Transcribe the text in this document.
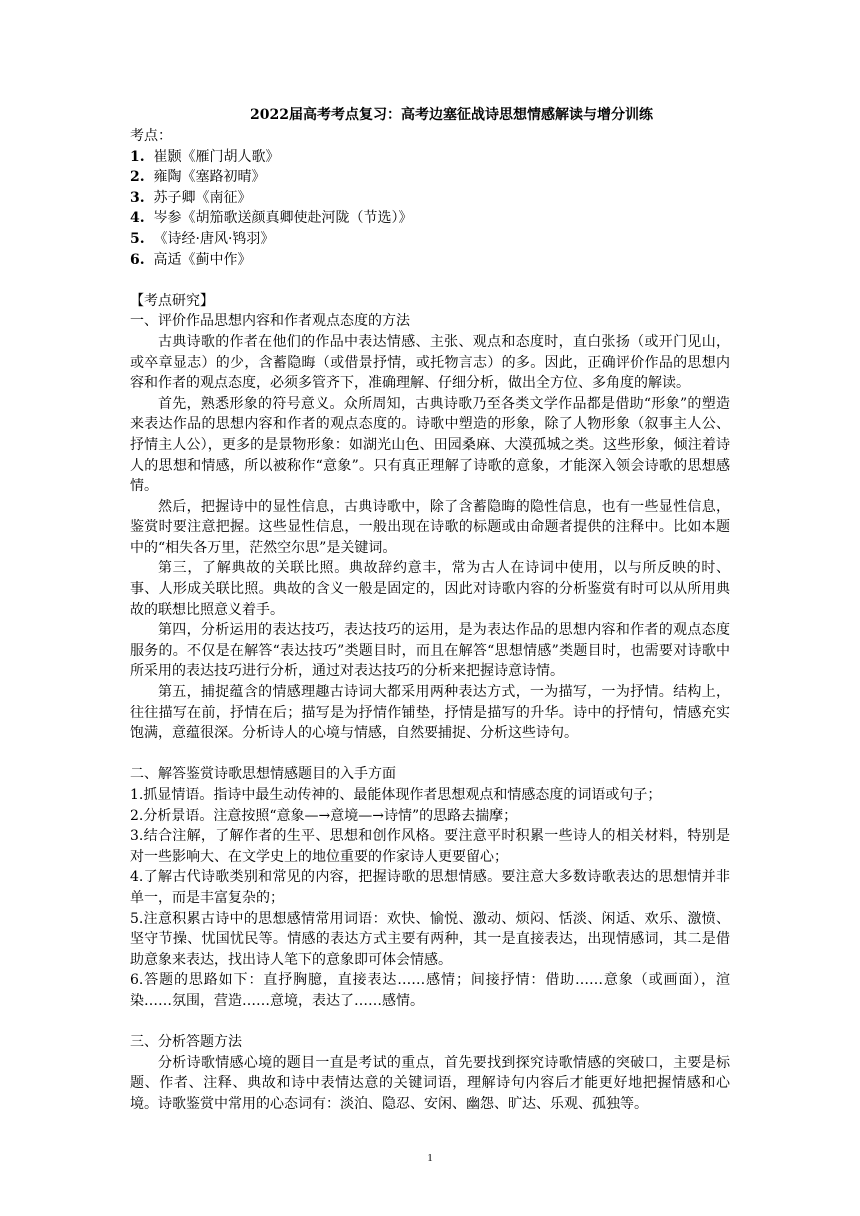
2022届高考考点复习：高考边塞征战诗思想情感解读与增分训练
考点：
1. 崔颢《雁门胡人歌》
2. 雍陶《塞路初晴》
3. 苏子卿《南征》
4. 岑参《胡笳歌送颜真卿使赴河陇（节选）》
5. 《诗经·唐风·鸨羽》
6. 高适《蓟中作》
【考点研究】
一、评价作品思想内容和作者观点态度的方法

古典诗歌的作者在他们的作品中表达情感、主张、观点和态度时，直白张扬（或开门见山，或卒章显志）的少，含蓄隐晦（或借景抒情，或托物言志）的多。因此，正确评价作品的思想内容和作者的观点态度，必须多管齐下，准确理解、仔细分析，做出全方位、多角度的解读。

首先，熟悉形象的符号意义。众所周知，古典诗歌乃至各类文学作品都是借助“形象”的塑造来表达作品的思想内容和作者的观点态度的。诗歌中塑造的形象，除了人物形象（叙事主人公、抒情主人公），更多的是景物形象：如湖光山色、田园桑麻、大漠孤城之类。这些形象，倾注着诗人的思想和情感，所以被称作“意象”。只有真正理解了诗歌的意象，才能深入领会诗歌的思想感情。

然后，把握诗中的显性信息，古典诗歌中，除了含蓄隐晦的隐性信息，也有一些显性信息，鉴赏时要注意把握。这些显性信息，一般出现在诗歌的标题或由命题者提供的注释中。比如本题中的“相失各万里，茫然空尔思”是关键词。

第三，了解典故的关联比照。典故辞约意丰，常为古人在诗词中使用，以与所反映的时、事、人形成关联比照。典故的含义一般是固定的，因此对诗歌内容的分析鉴赏有时可以从所用典故的联想比照意义着手。

第四，分析运用的表达技巧，表达技巧的运用，是为表达作品的思想内容和作者的观点态度服务的。不仅是在解答“表达技巧”类题目时，而且在解答“思想情感”类题目时，也需要对诗歌中所采用的表达技巧进行分析，通过对表达技巧的分析来把握诗意诗情。

第五，捕捉蕴含的情感理趣古诗词大都采用两种表达方式，一为描写，一为抒情。结构上，往往描写在前，抒情在后；描写是为抒情作铺垫，抒情是描写的升华。诗中的抒情句，情感充实饱满，意蕴很深。分析诗人的心境与情感，自然要捕捉、分析这些诗句。

二、解答鉴赏诗歌思想情感题目的入手方面

1.抓显情语。指诗中最生动传神的、最能体现作者思想观点和情感态度的词语或句子；

2.分析景语。注意按照“意象—→意境—→诗情”的思路去揣摩；

3.结合注解，了解作者的生平、思想和创作风格。要注意平时积累一些诗人的相关材料，特别是对一些影响大、在文学史上的地位重要的作家诗人更要留心；

4.了解古代诗歌类别和常见的内容，把握诗歌的思想情感。要注意大多数诗歌表达的思想情并非单一，而是丰富复杂的；

5.注意积累古诗中的思想感情常用词语：欢快、愉悦、激动、烦闷、恬淡、闲适、欢乐、激愤、坚守节操、忧国忧民等。情感的表达方式主要有两种，其一是直接表达，出现情感词，其二是借助意象来表达，找出诗人笔下的意象即可体会情感。

6.答题的思路如下：直抒胸臆，直接表达……感情；间接抒情：借助……意象（或画面），渲染……氛围，营造……意境，表达了……感情。

三、分析答题方法

分析诗歌情感心境的题目一直是考试的重点，首先要找到探究诗歌情感的突破口，主要是标题、作者、注释、典故和诗中表情达意的关键词语，理解诗句内容后才能更好地把握情感和心境。诗歌鉴赏中常用的心态词有：淡泊、隐忍、安闲、幽怨、旷达、乐观、孤独等。

1
